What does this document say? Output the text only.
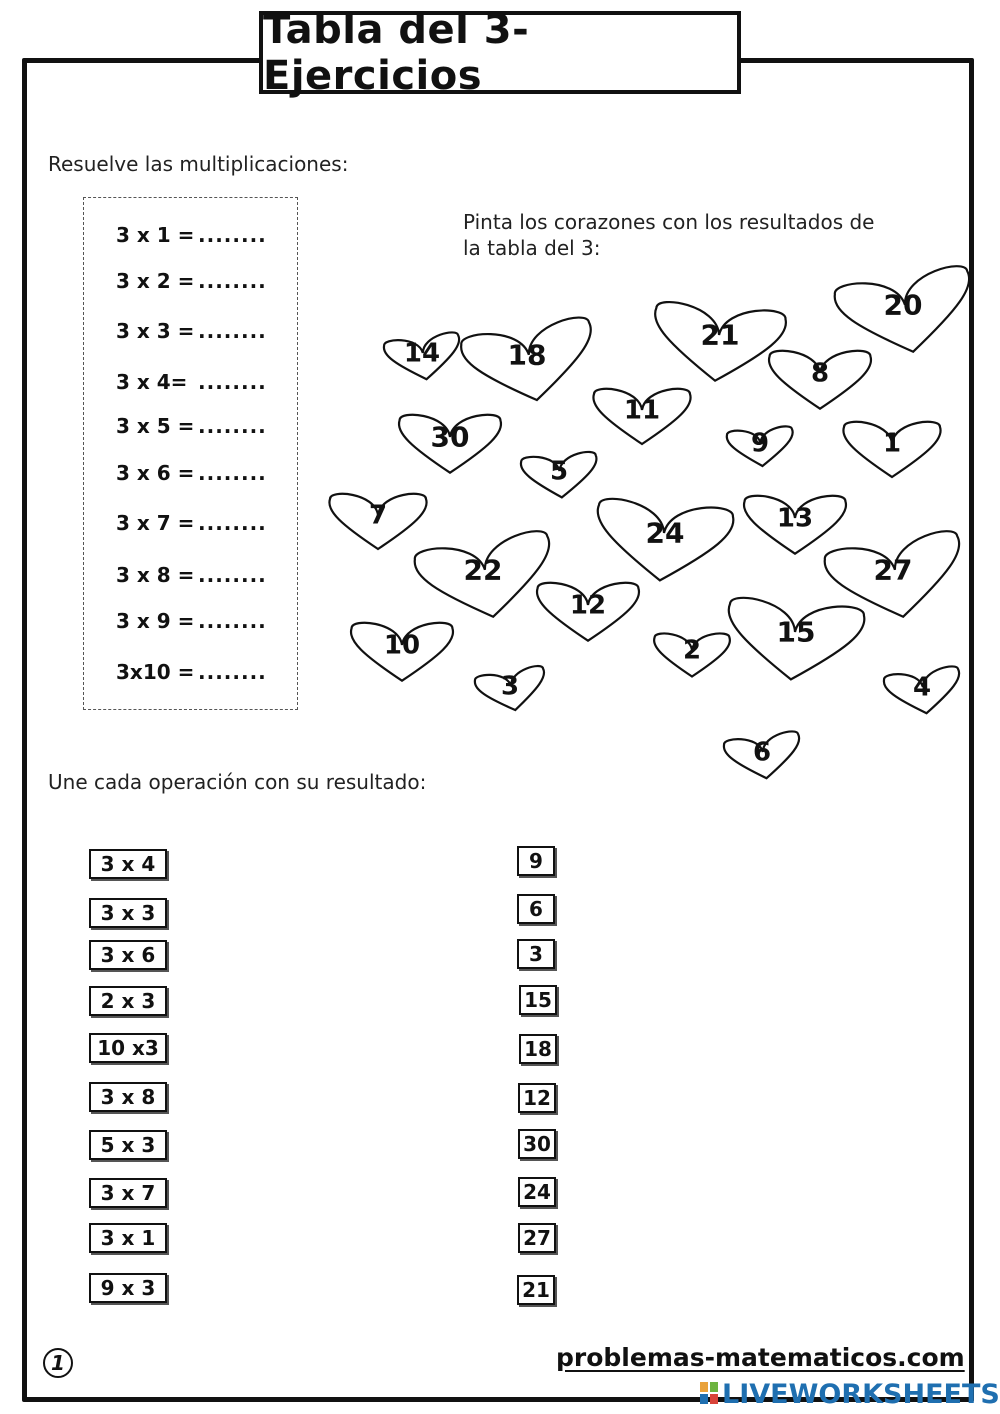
Tabla del 3- Ejercicios
Resuelve las multiplicaciones:
3 x 1 = ........
3 x 2 = ........
3 x 3 = ........
3 x 4= ........
3 x 5 = ........
3 x 6 = ........
3 x 7 = ........
3 x 8 = ........
3 x 9 = ........
3x10 = ........
Pinta los corazones con los resultados de
la tabla del 3:
14 18
21
20
8
30
11
9	1
5
7
24	13
22	27
12
15
10	2
3	4
6
Une cada operación con su resultado:
3 x 4
3 x 3
3 x 6
2 x 3
10 x3
3 x 8
5 x 3
3 x 7
3 x 1
9 x 3
9
6
3
15
18
12
30
24
27
21
1	problemas-matematicos.com
LIVEWORKSHEETS
